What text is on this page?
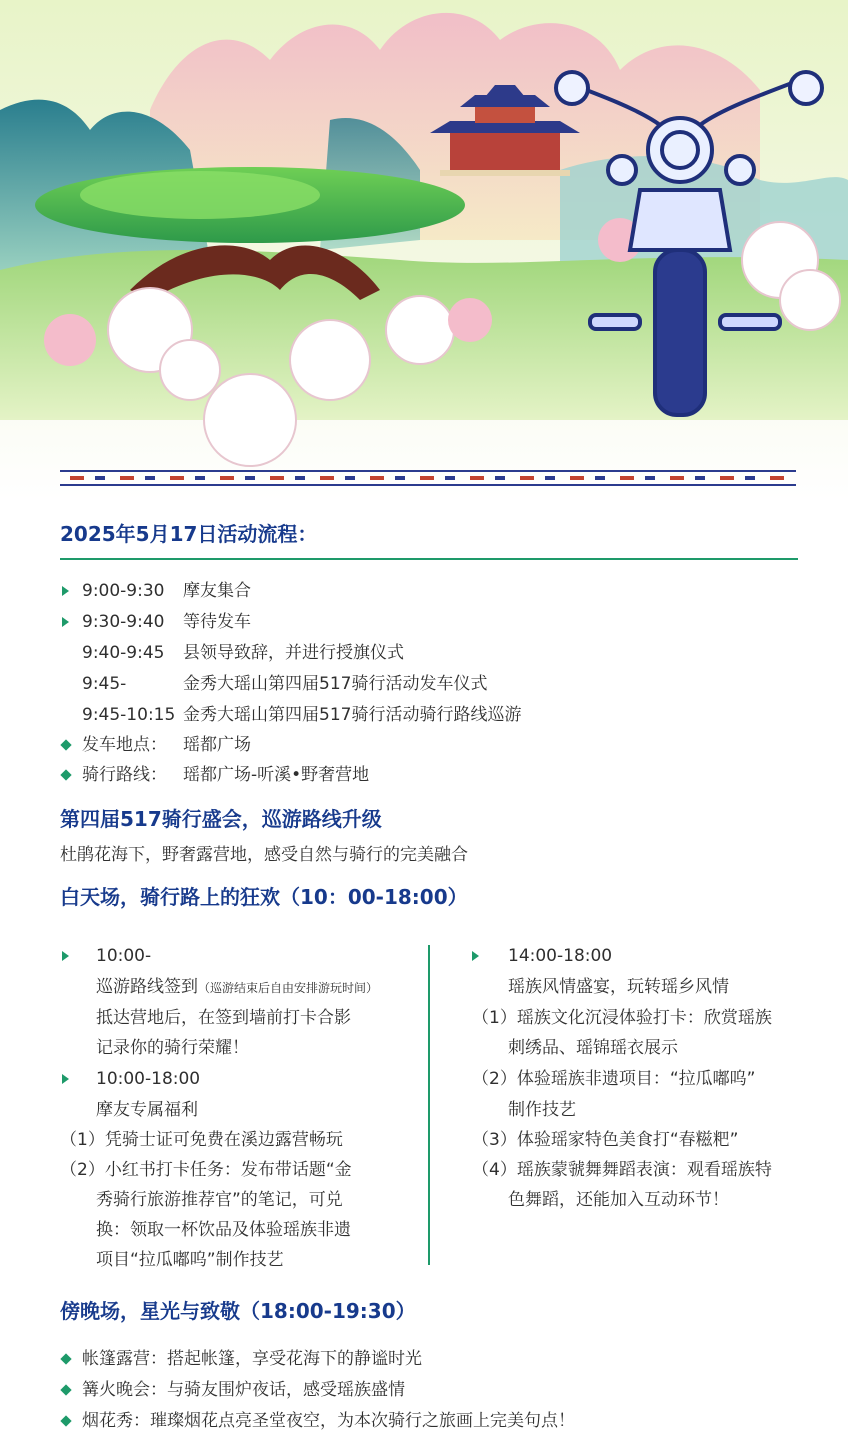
2025年5月17日活动流程：
9:00-9:30 摩友集合
9:30-9:40 等待发车
9:40-9:45 县领导致辞，并进行授旗仪式
9:45-	金秀大瑶山第四届517骑行活动发车仪式
9:45-10:15 金秀大瑶山第四届517骑行活动骑行路线巡游
发车地点： 瑶都广场
骑行路线： 瑶都广场-听溪•野奢营地
第四届517骑行盛会，巡游路线升级
杜鹃花海下，野奢露营地，感受自然与骑行的完美融合
白天场，骑行路上的狂欢（10：00-18:00）
10:00-
巡游路线签到（巡游结束后自由安排游玩时间）
抵达营地后，在签到墙前打卡合影
记录你的骑行荣耀！
10:00-18:00
摩友专属福利
（1）凭骑士证可免费在溪边露营畅玩
（2）小红书打卡任务：发布带话题“金
秀骑行旅游推荐官”的笔记，可兑
换：领取一杯饮品及体验瑶族非遗
项目“拉瓜嘟呜”制作技艺
14:00-18:00
瑶族风情盛宴，玩转瑶乡风情
（1）瑶族文化沉浸体验打卡：欣赏瑶族
刺绣品、瑶锦瑶衣展示
（2）体验瑶族非遗项目：“拉瓜嘟呜”
制作技艺
（3）体验瑶家特色美食打“春糍粑”
（4）瑶族蒙虢舞舞蹈表演：观看瑶族特
色舞蹈，还能加入互动环节！
傍晚场，星光与致敬（18:00-19:30）
帐篷露营：搭起帐篷，享受花海下的静谧时光
篝火晚会：与骑友围炉夜话，感受瑶族盛情
烟花秀：璀璨烟花点亮圣堂夜空，为本次骑行之旅画上完美句点！
